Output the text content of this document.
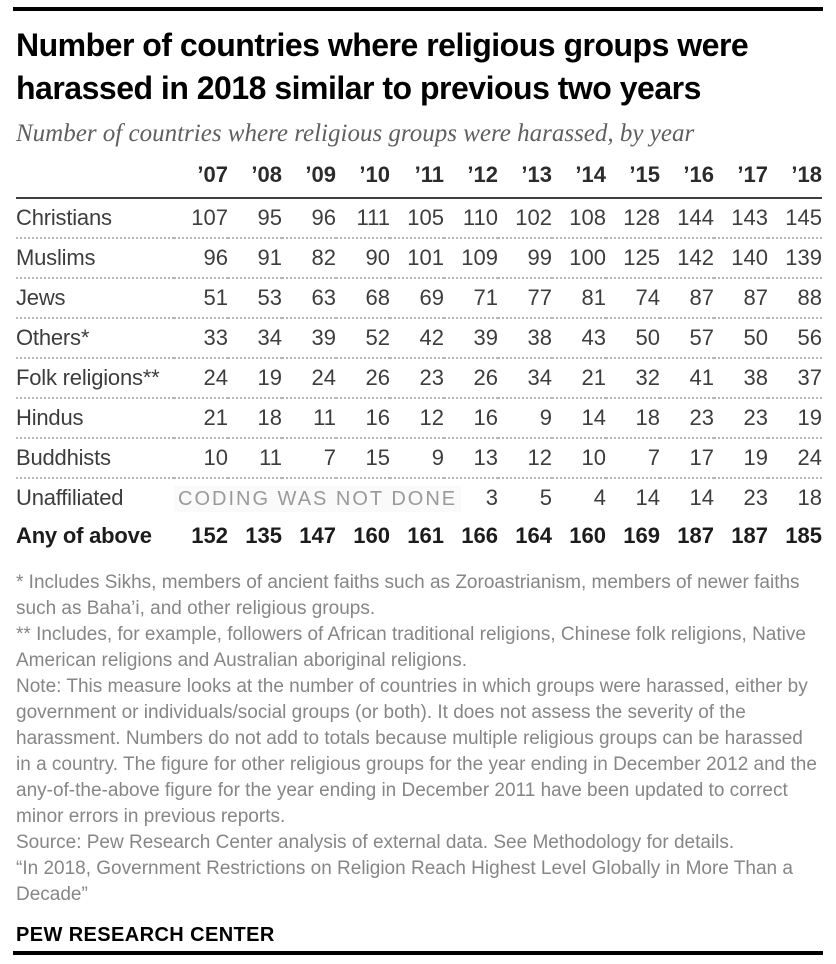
Number of countries where religious groups were harassed in 2018 similar to previous two years

Number of countries where religious groups were harassed, by year

	’07	’08	’09	’10	’11	’12	’13	’14	’15	’16	’17	’18
Christians	107	95	96	111	105	110	102	108	128	144	143	145
Muslims	96	91	82	90	101	109	99	100	125	142	140	139
Jews	51	53	63	68	69	71	77	81	74	87	87	88
Others*	33	34	39	52	42	39	38	43	50	57	50	56
Folk religions**	24	19	24	26	23	26	34	21	32	41	38	37
Hindus	21	18	11	16	12	16	9	14	18	23	23	19
Buddhists	10	11	7	15	9	13	12	10	7	17	19	24
Unaffiliated	CODING WAS NOT DONE					3	5	4	14	14	23	18
Any of above	152	135	147	160	161	166	164	160	169	187	187	185

* Includes Sikhs, members of ancient faiths such as Zoroastrianism, members of newer faiths such as Baha’i, and other religious groups.

** Includes, for example, followers of African traditional religions, Chinese folk religions, Native American religions and Australian aboriginal religions.

Note: This measure looks at the number of countries in which groups were harassed, either by government or individuals/social groups (or both). It does not assess the severity of the harassment. Numbers do not add to totals because multiple religious groups can be harassed in a country. The figure for other religious groups for the year ending in December 2012 and the any-of-the-above figure for the year ending in December 2011 have been updated to correct minor errors in previous reports.

Source: Pew Research Center analysis of external data. See Methodology for details.

“In 2018, Government Restrictions on Religion Reach Highest Level Globally in More Than a Decade”

PEW RESEARCH CENTER
